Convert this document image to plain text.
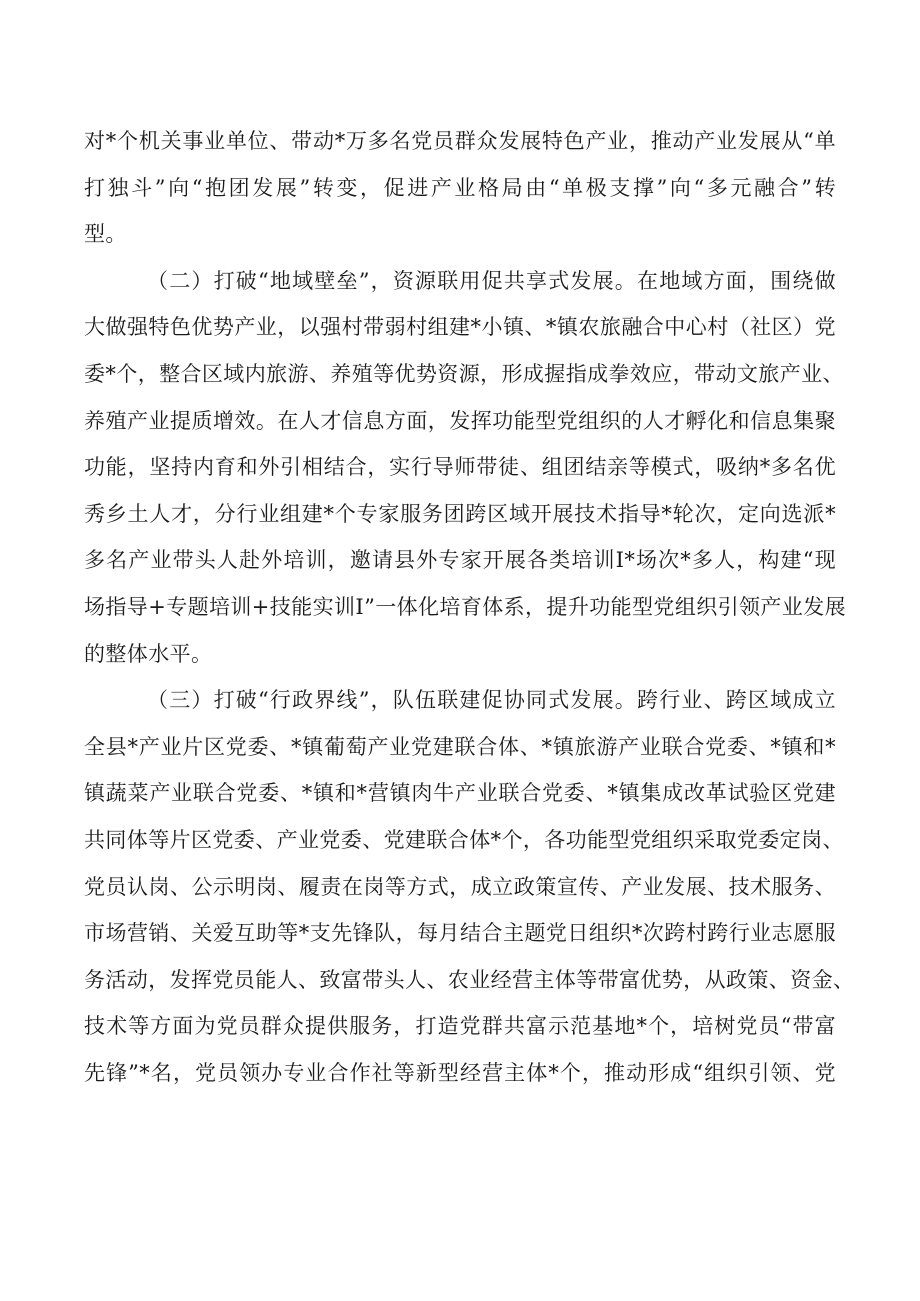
对*个机关事业单位、带动*万多名党员群众发展特色产业，推动产业发展从“单
打独斗”向“抱团发展”转变，促进产业格局由“单极支撑”向“多元融合”转
型。
（二）打破“地域壁垒”，资源联用促共享式发展。在地域方面，围绕做
大做强特色优势产业，以强村带弱村组建*小镇、*镇农旅融合中心村（社区）党
委*个，整合区域内旅游、养殖等优势资源，形成握指成拳效应，带动文旅产业、
养殖产业提质增效。在人才信息方面，发挥功能型党组织的人才孵化和信息集聚
功能，坚持内育和外引相结合，实行导师带徒、组团结亲等模式，吸纳*多名优
秀乡土人才，分行业组建*个专家服务团跨区域开展技术指导*轮次，定向选派*
多名产业带头人赴外培训，邀请县外专家开展各类培训I*场次*多人，构建“现
场指导+专题培训+技能实训I”一体化培育体系，提升功能型党组织引领产业发展
的整体水平。
（三）打破“行政界线”，队伍联建促协同式发展。跨行业、跨区域成立
全县*产业片区党委、*镇葡萄产业党建联合体、*镇旅游产业联合党委、*镇和*
镇蔬菜产业联合党委、*镇和*营镇肉牛产业联合党委、*镇集成改革试验区党建
共同体等片区党委、产业党委、党建联合体*个，各功能型党组织采取党委定岗、
党员认岗、公示明岗、履责在岗等方式，成立政策宣传、产业发展、技术服务、
市场营销、关爱互助等*支先锋队，每月结合主题党日组织*次跨村跨行业志愿服
务活动，发挥党员能人、致富带头人、农业经营主体等带富优势，从政策、资金、
技术等方面为党员群众提供服务，打造党群共富示范基地*个，培树党员“带富
先锋”*名，党员领办专业合作社等新型经营主体*个，推动形成“组织引领、党
